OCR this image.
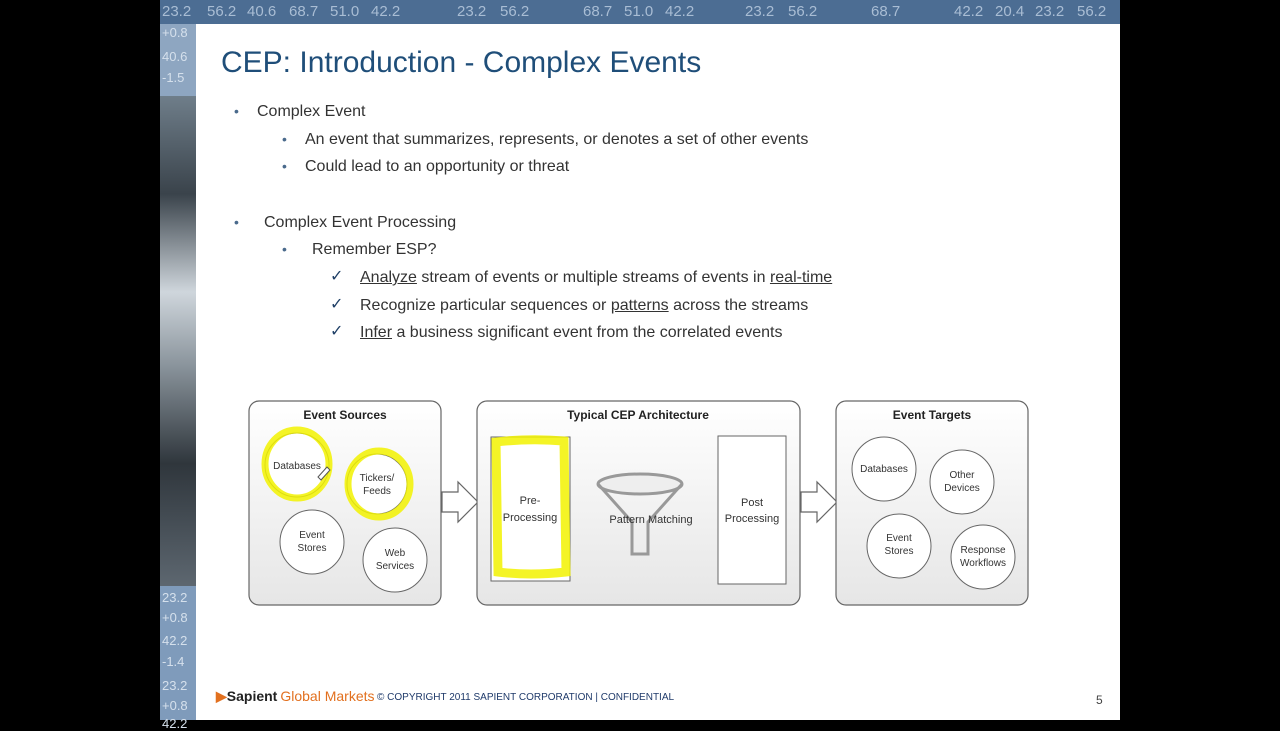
23.2 56.2 40.6 68.7 51.0 42.2	23.2 56.2	68.7 51.0 42.2	23.2 56.2	68.7	42.2 20.4 23.2 56.2
+0.8
40.6
-1.5
23.2
+0.8
42.2
-1.4
23.2
+0.8
42.2
CEP: Introduction - Complex Events
• Complex Event
• An event that summarizes, represents, or denotes a set of other events
• Could lead to an opportunity or threat
• Complex Event Processing
• Remember ESP?
✓ Analyze stream of events or multiple streams of events in real-time
✓ Recognize particular sequences or patterns across the streams
✓ Infer a business significant event from the correlated events
Event Sources
Databases
Tickers/
Feeds
Event
Stores	Web
Services
Typical CEP Architecture
Pre-
Processing	Pattern Matching
Post
Processing
Event Targets
Databases
Other
Devices
Event
Stores	Response
Workflows
▶Sapient Global Markets © COPYRIGHT 2011 SAPIENT CORPORATION | CONFIDENTIAL	5
